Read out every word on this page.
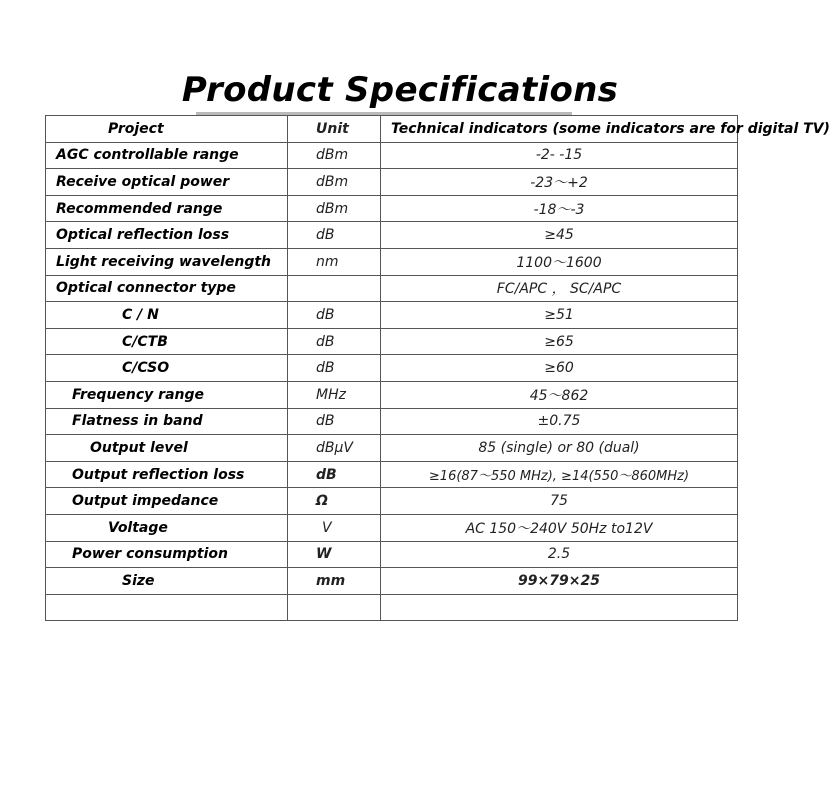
Product Specifications
Project	Unit	Technical indicators (some indicators are for digital TV)
AGC controllable range	dBm	-2- -15
Receive optical power	dBm	-23～+2
Recommended range	dBm	-18～-3
Optical reflection loss	dB	≥45
Light receiving wavelength	nm	1100～1600
Optical connector type		FC/APC ， SC/APC
C / N	dB	≥51
C/CTB	dB	≥65
C/CSO	dB	≥60
Frequency range	MHz	45～862
Flatness in band	dB	±0.75
Output level	dBμV	85 (single) or 80 (dual)
Output reflection loss	dB	≥16(87～550 MHz), ≥14(550～860MHz)
Output impedance	Ω	75
Voltage	V	AC 150～240V 50Hz to12V
Power consumption	W	2.5
Size	mm	99×79×25
